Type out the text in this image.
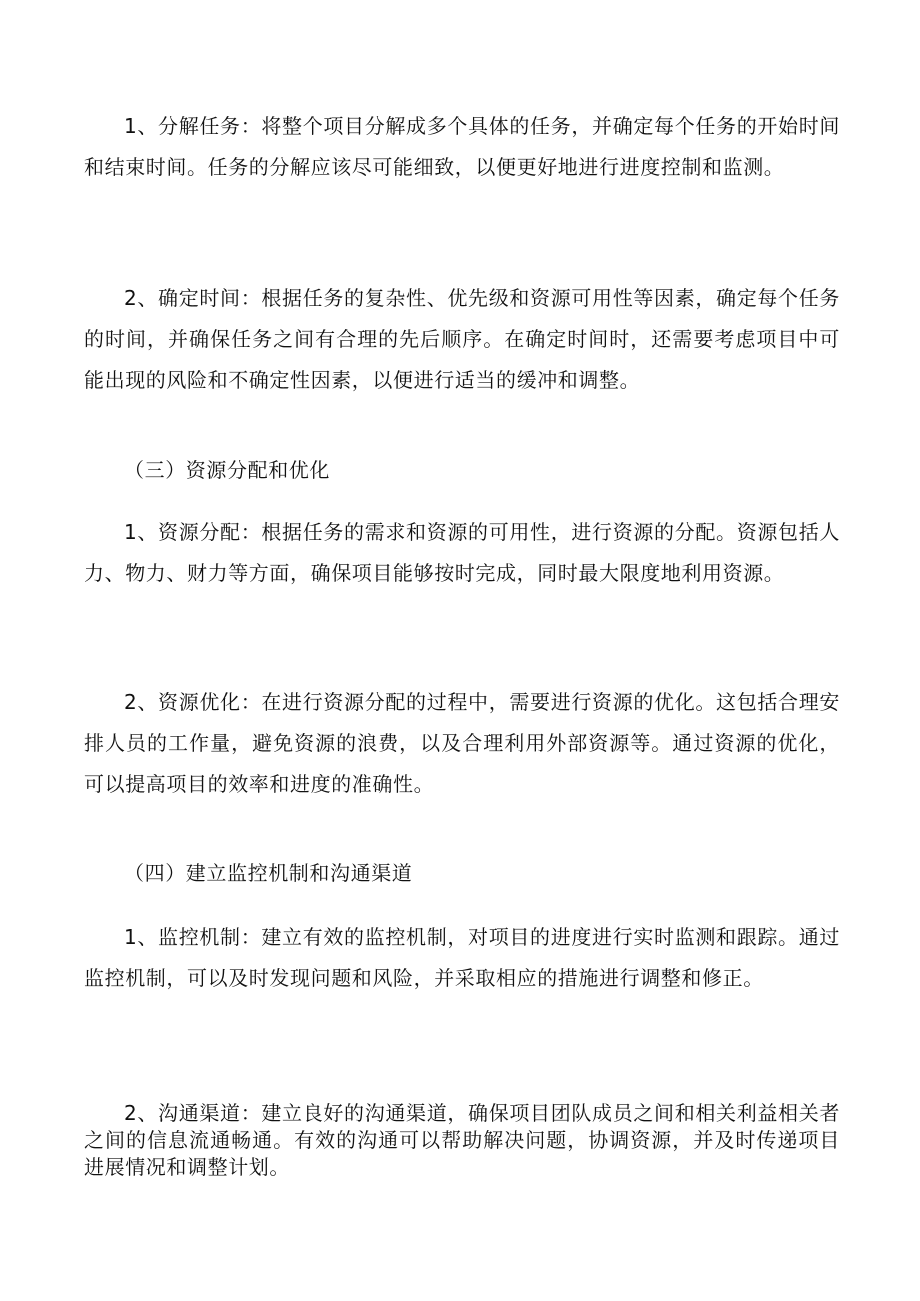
1、分解任务：将整个项目分解成多个具体的任务，并确定每个任务的开始时间和结束时间。任务的分解应该尽可能细致，以便更好地进行进度控制和监测。

2、确定时间：根据任务的复杂性、优先级和资源可用性等因素，确定每个任务的时间，并确保任务之间有合理的先后顺序。在确定时间时，还需要考虑项目中可能出现的风险和不确定性因素，以便进行适当的缓冲和调整。

（三）资源分配和优化

1、资源分配：根据任务的需求和资源的可用性，进行资源的分配。资源包括人力、物力、财力等方面，确保项目能够按时完成，同时最大限度地利用资源。

2、资源优化：在进行资源分配的过程中，需要进行资源的优化。这包括合理安排人员的工作量，避免资源的浪费，以及合理利用外部资源等。通过资源的优化，可以提高项目的效率和进度的准确性。

（四）建立监控机制和沟通渠道

1、监控机制：建立有效的监控机制，对项目的进度进行实时监测和跟踪。通过监控机制，可以及时发现问题和风险，并采取相应的措施进行调整和修正。

2、沟通渠道：建立良好的沟通渠道，确保项目团队成员之间和相关利益相关者之间的信息流通畅通。有效的沟通可以帮助解决问题，协调资源，并及时传递项目进展情况和调整计划。
